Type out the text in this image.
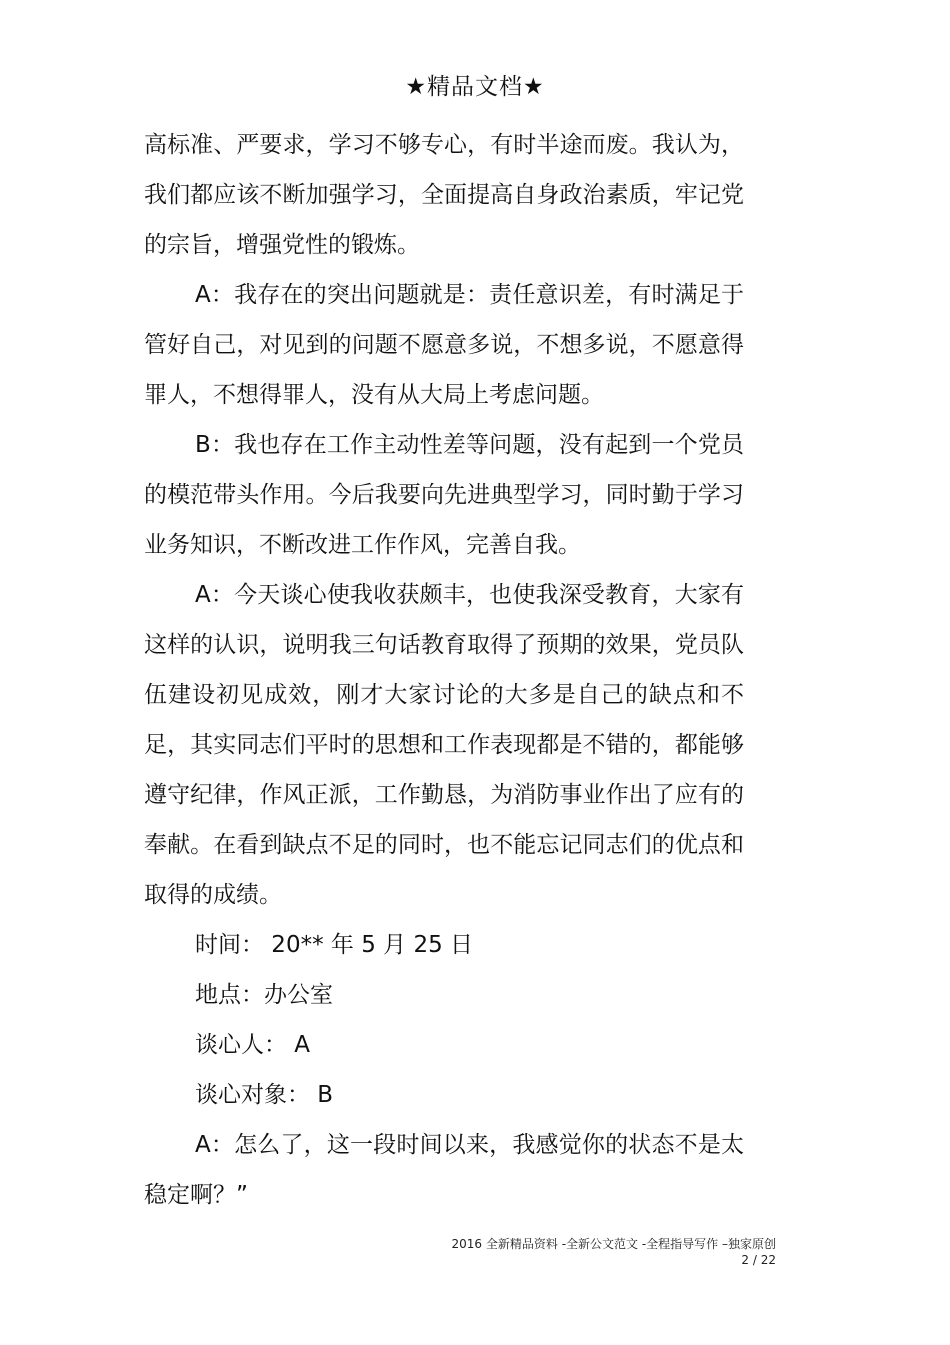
★精品文档★

高标准、严要求，学习不够专心，有时半途而废。我认为，我们都应该不断加强学习，全面提高自身政治素质，牢记党的宗旨，增强党性的锻炼。

A：我存在的突出问题就是：责任意识差，有时满足于管好自己，对见到的问题不愿意多说，不想多说，不愿意得罪人，不想得罪人，没有从大局上考虑问题。

B：我也存在工作主动性差等问题，没有起到一个党员的模范带头作用。今后我要向先进典型学习，同时勤于学习业务知识，不断改进工作作风，完善自我。

A：今天谈心使我收获颇丰，也使我深受教育，大家有这样的认识，说明我三句话教育取得了预期的效果，党员队伍建设初见成效，刚才大家讨论的大多是自己的缺点和不足，其实同志们平时的思想和工作表现都是不错的，都能够遵守纪律，作风正派，工作勤恳，为消防事业作出了应有的奉献。在看到缺点不足的同时，也不能忘记同志们的优点和取得的成绩。

时间： 20** 年 5 月 25 日

地点：办公室

谈心人： A

谈心对象： B

A：怎么了，这一段时间以来，我感觉你的状态不是太稳定啊？”

2016 全新精品资料 -全新公文范文 -全程指导写作 –独家原创
2 / 22
